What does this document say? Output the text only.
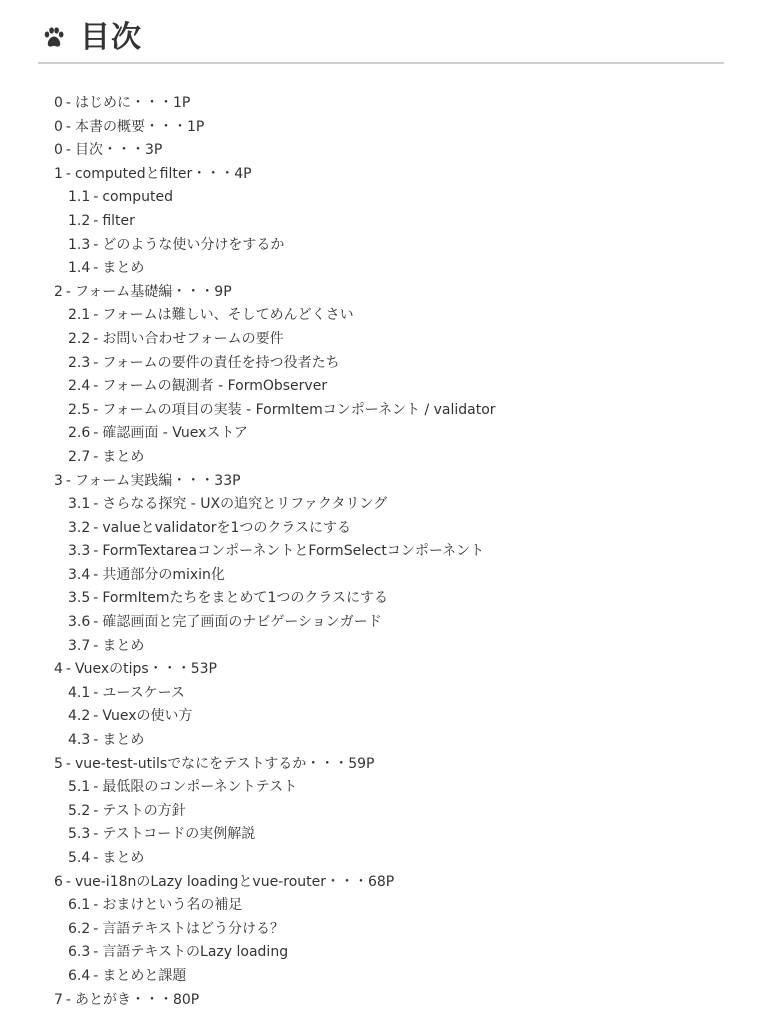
目次
0 - はじめに・・・1P
0 - 本書の概要・・・1P
0 - 目次・・・3P
1 - computedとfilter・・・4P
1.1 - computed
1.2 - filter
1.3 - どのような使い分けをするか
1.4 - まとめ
2 - フォーム基礎編・・・9P
2.1 - フォームは難しい、そしてめんどくさい
2.2 - お問い合わせフォームの要件
2.3 - フォームの要件の責任を持つ役者たち
2.4 - フォームの観測者 - FormObserver
2.5 - フォームの項目の実装 - FormItemコンポーネント / validator
2.6 - 確認画面 - Vuexストア
2.7 - まとめ
3 - フォーム実践編・・・33P
3.1 - さらなる探究 - UXの追究とリファクタリング
3.2 - valueとvalidatorを1つのクラスにする
3.3 - FormTextareaコンポーネントとFormSelectコンポーネント
3.4 - 共通部分のmixin化
3.5 - FormItemたちをまとめて1つのクラスにする
3.6 - 確認画面と完了画面のナビゲーションガード
3.7 - まとめ
4 - Vuexのtips・・・53P
4.1 - ユースケース
4.2 - Vuexの使い方
4.3 - まとめ
5 - vue-test-utilsでなにをテストするか・・・59P
5.1 - 最低限のコンポーネントテスト
5.2 - テストの方針
5.3 - テストコードの実例解説
5.4 - まとめ
6 - vue-i18nのLazy loadingとvue-router・・・68P
6.1 - おまけという名の補足
6.2 - 言語テキストはどう分ける？
6.3 - 言語テキストのLazy loading
6.4 - まとめと課題
7 - あとがき・・・80P
